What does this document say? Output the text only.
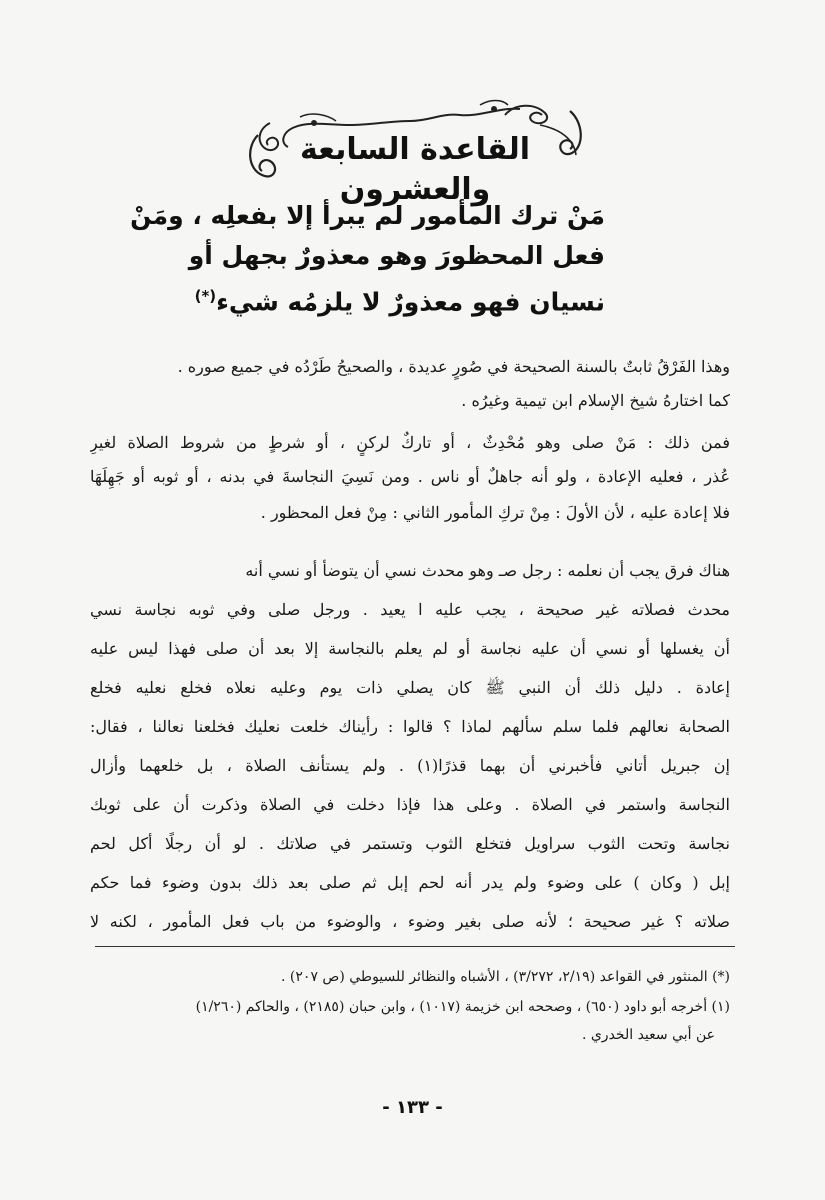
القاعدة السابعة والعشرون
مَنْ ترك المأمور لم يبرأ إلا بفعلِه ، ومَنْ
فعل المحظورَ وهو معذورٌ بجهل أو
نسيان فهو معذورٌ لا يلزمُه شيء(*)
وهذا الفَرْقُ ثابتٌ بالسنة الصحيحة في صُورٍ عديدة ، والصحيحُ طَرْدُه في جميع صوره .
كما اختارهُ شيخ الإسلام ابن تيمية وغيرُه .
فمن ذلك : مَنْ صلى وهو مُحْدِثٌ ، أو تاركٌ لركنٍ ، أو شرطٍ من شروط الصلاة لغيرِ
عُذر ، فعليه الإعادة ، ولو أنه جاهلٌ أو ناس . ومن نَسِيَ النجاسةَ في بدنه ، أو ثوبه أو جَهِلَهَا
فلا إعادة عليه ، لأن الأولَ : مِنْ تركِ المأمور الثاني : مِنْ فعل المحظور .
هناك فرق يجب أن نعلمه : رجل صـ وهو محدث نسي أن يتوضأ أو نسي أنه
محدث فصلاته غير صحيحة ، يجب عليه ا يعيد . ورجل صلى وفي ثوبه نجاسة نسي
أن يغسلها أو نسي أن عليه نجاسة أو لم يعلم بالنجاسة إلا بعد أن صلى فهذا ليس عليه
إعادة . دليل ذلك أن النبي ﷺ كان يصلي ذات يوم وعليه نعلاه فخلع نعليه فخلع
الصحابة نعالهم فلما سلم سألهم لماذا ؟ قالوا : رأيناك خلعت نعليك فخلعنا نعالنا ، فقال:
إن جبريل أتاني فأخبرني أن بهما قذرًا(١) . ولم يستأنف الصلاة ، بل خلعهما وأزال
النجاسة واستمر في الصلاة . وعلى هذا فإذا دخلت في الصلاة وذكرت أن على ثوبك
نجاسة وتحت الثوب سراويل فتخلع الثوب وتستمر في صلاتك . لو أن رجلًا أكل لحم
إبل ( وكان ) على وضوء ولم يدر أنه لحم إبل ثم صلى بعد ذلك بدون وضوء فما حكم
صلاته ؟ غير صحيحة ؛ لأنه صلى بغير وضوء ، والوضوء من باب فعل المأمور ، لكنه لا
(*) المنثور في القواعد (٢/١٩، ٣/٢٧٢) ، الأشباه والنظائر للسيوطي (ص ٢٠٧) .
(١) أخرجه أبو داود (٦٥٠) ، وصححه ابن خزيمة (١٠١٧) ، وابن حبان (٢١٨٥) ، والحاكم (١/٢٦٠)
عن أبي سعيد الخدري .
- ١٣٣ -
